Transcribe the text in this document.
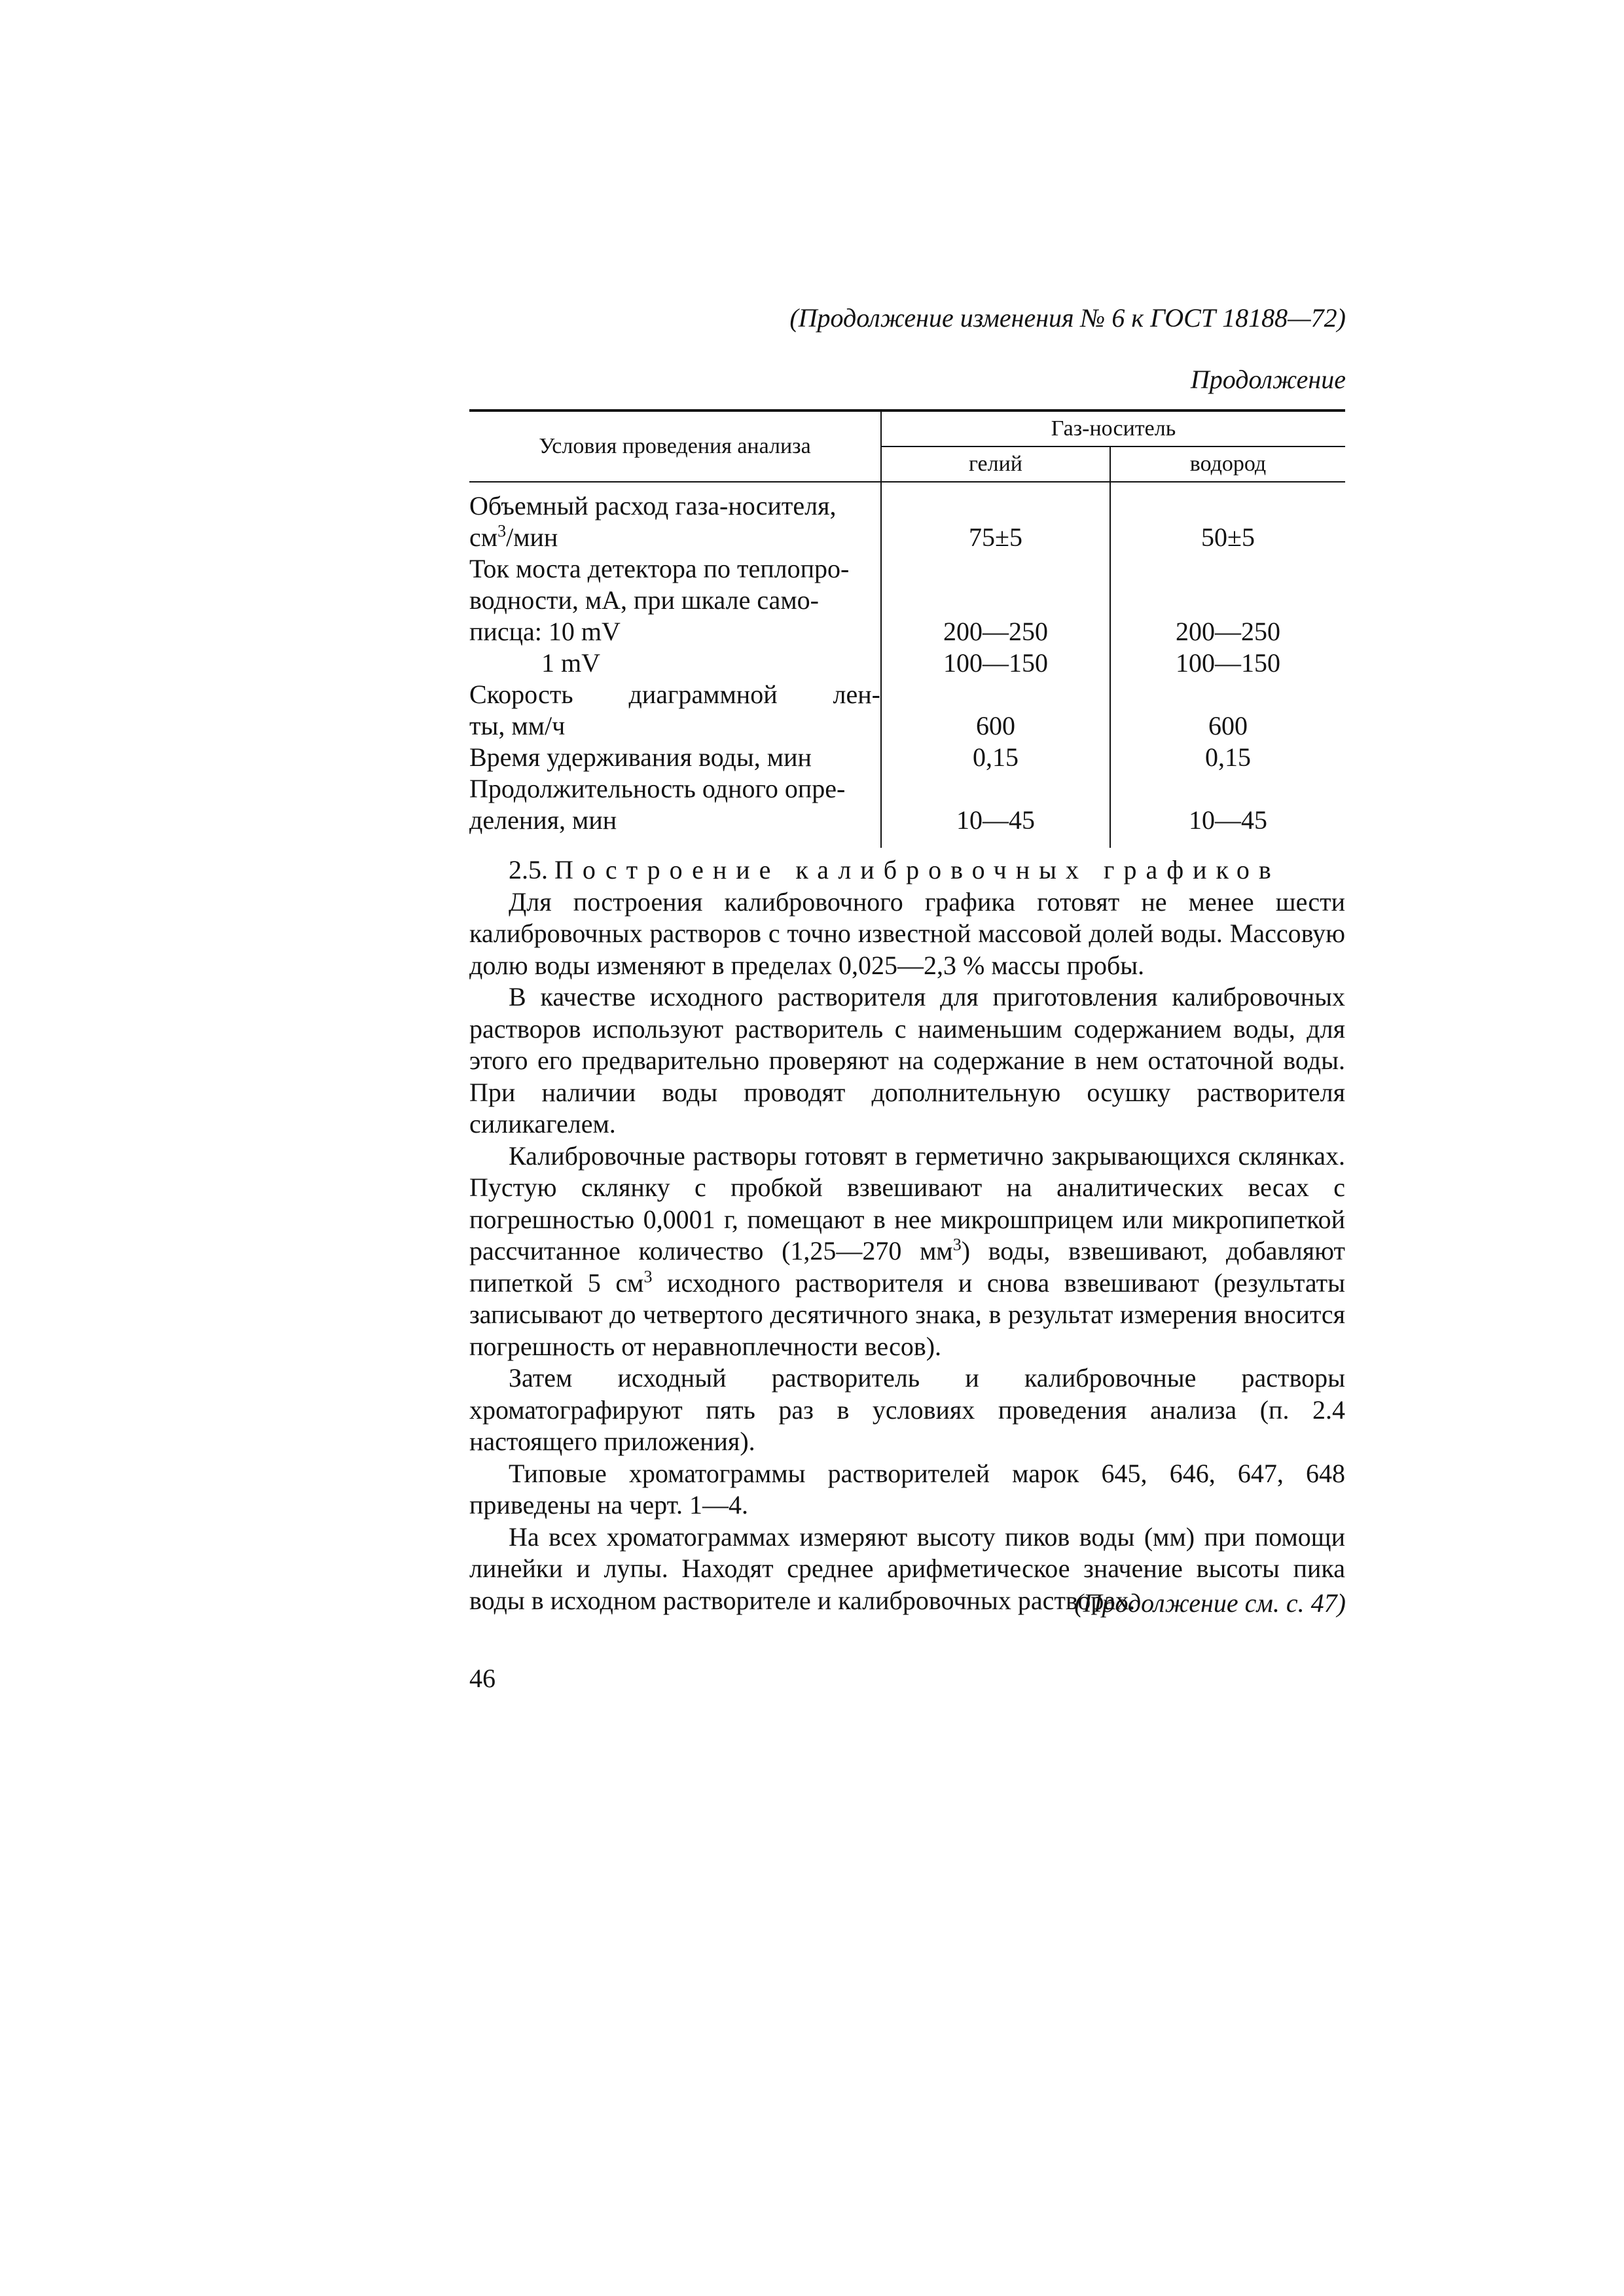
(Продолжение изменения № 6 к ГОСТ 18188—72)
Продолжение
Условия проведения анализа	Газ-носитель	
	гелий	водород

Объемный расход газа-носителя,
$см^3$/мин	75±5	50±5

Ток моста детектора по теплопро-
водности, мА, при шкале само-
писца: 10 mV	200—250	200—250
1 mV	100—150	100—150

Скорость диаграммной лен-
ты, мм/ч	600	600
Время удерживания воды, мин	0,15	0,15

Продолжительность одного опре-
деления, мин	10—45	10—45

2.5. Построение калибровочных графиков

Для построения калибровочного графика готовят не менее шести калибровочных растворов с точно известной массовой долей воды. Массовую долю воды изменяют в пределах 0,025—2,3 % массы пробы.

В качестве исходного растворителя для приготовления калибровочных растворов используют растворитель с наименьшим содержанием воды, для этого его предварительно проверяют на содержание в нем остаточной воды. При наличии воды проводят дополнительную осушку растворителя силикагелем.

Калибровочные растворы готовят в герметично закрывающихся склянках. Пустую склянку с пробкой взвешивают на аналитических весах с погрешностью 0,0001 г, помещают в нее микрошприцем или микропипеткой рассчитанное количество (1,25—270 $мм^3$) воды, взвешивают, добавляют пипеткой 5 $см^3$ исходного растворителя и снова взвешивают (результаты записывают до четвертого десятичного знака, в результат измерения вносится погрешность от неравноплечности весов).

Затем исходный растворитель и калибровочные растворы хроматографируют пять раз в условиях проведения анализа (п. 2.4 настоящего приложения).

Типовые хроматограммы растворителей марок 645, 646, 647, 648 приведены на черт. 1—4.

На всех хроматограммах измеряют высоту пиков воды (мм) при помощи линейки и лупы. Находят среднее арифметическое значение высоты пика воды в исходном растворителе и калибровочных растворах.

(Продолжение см. с. 47)
46
